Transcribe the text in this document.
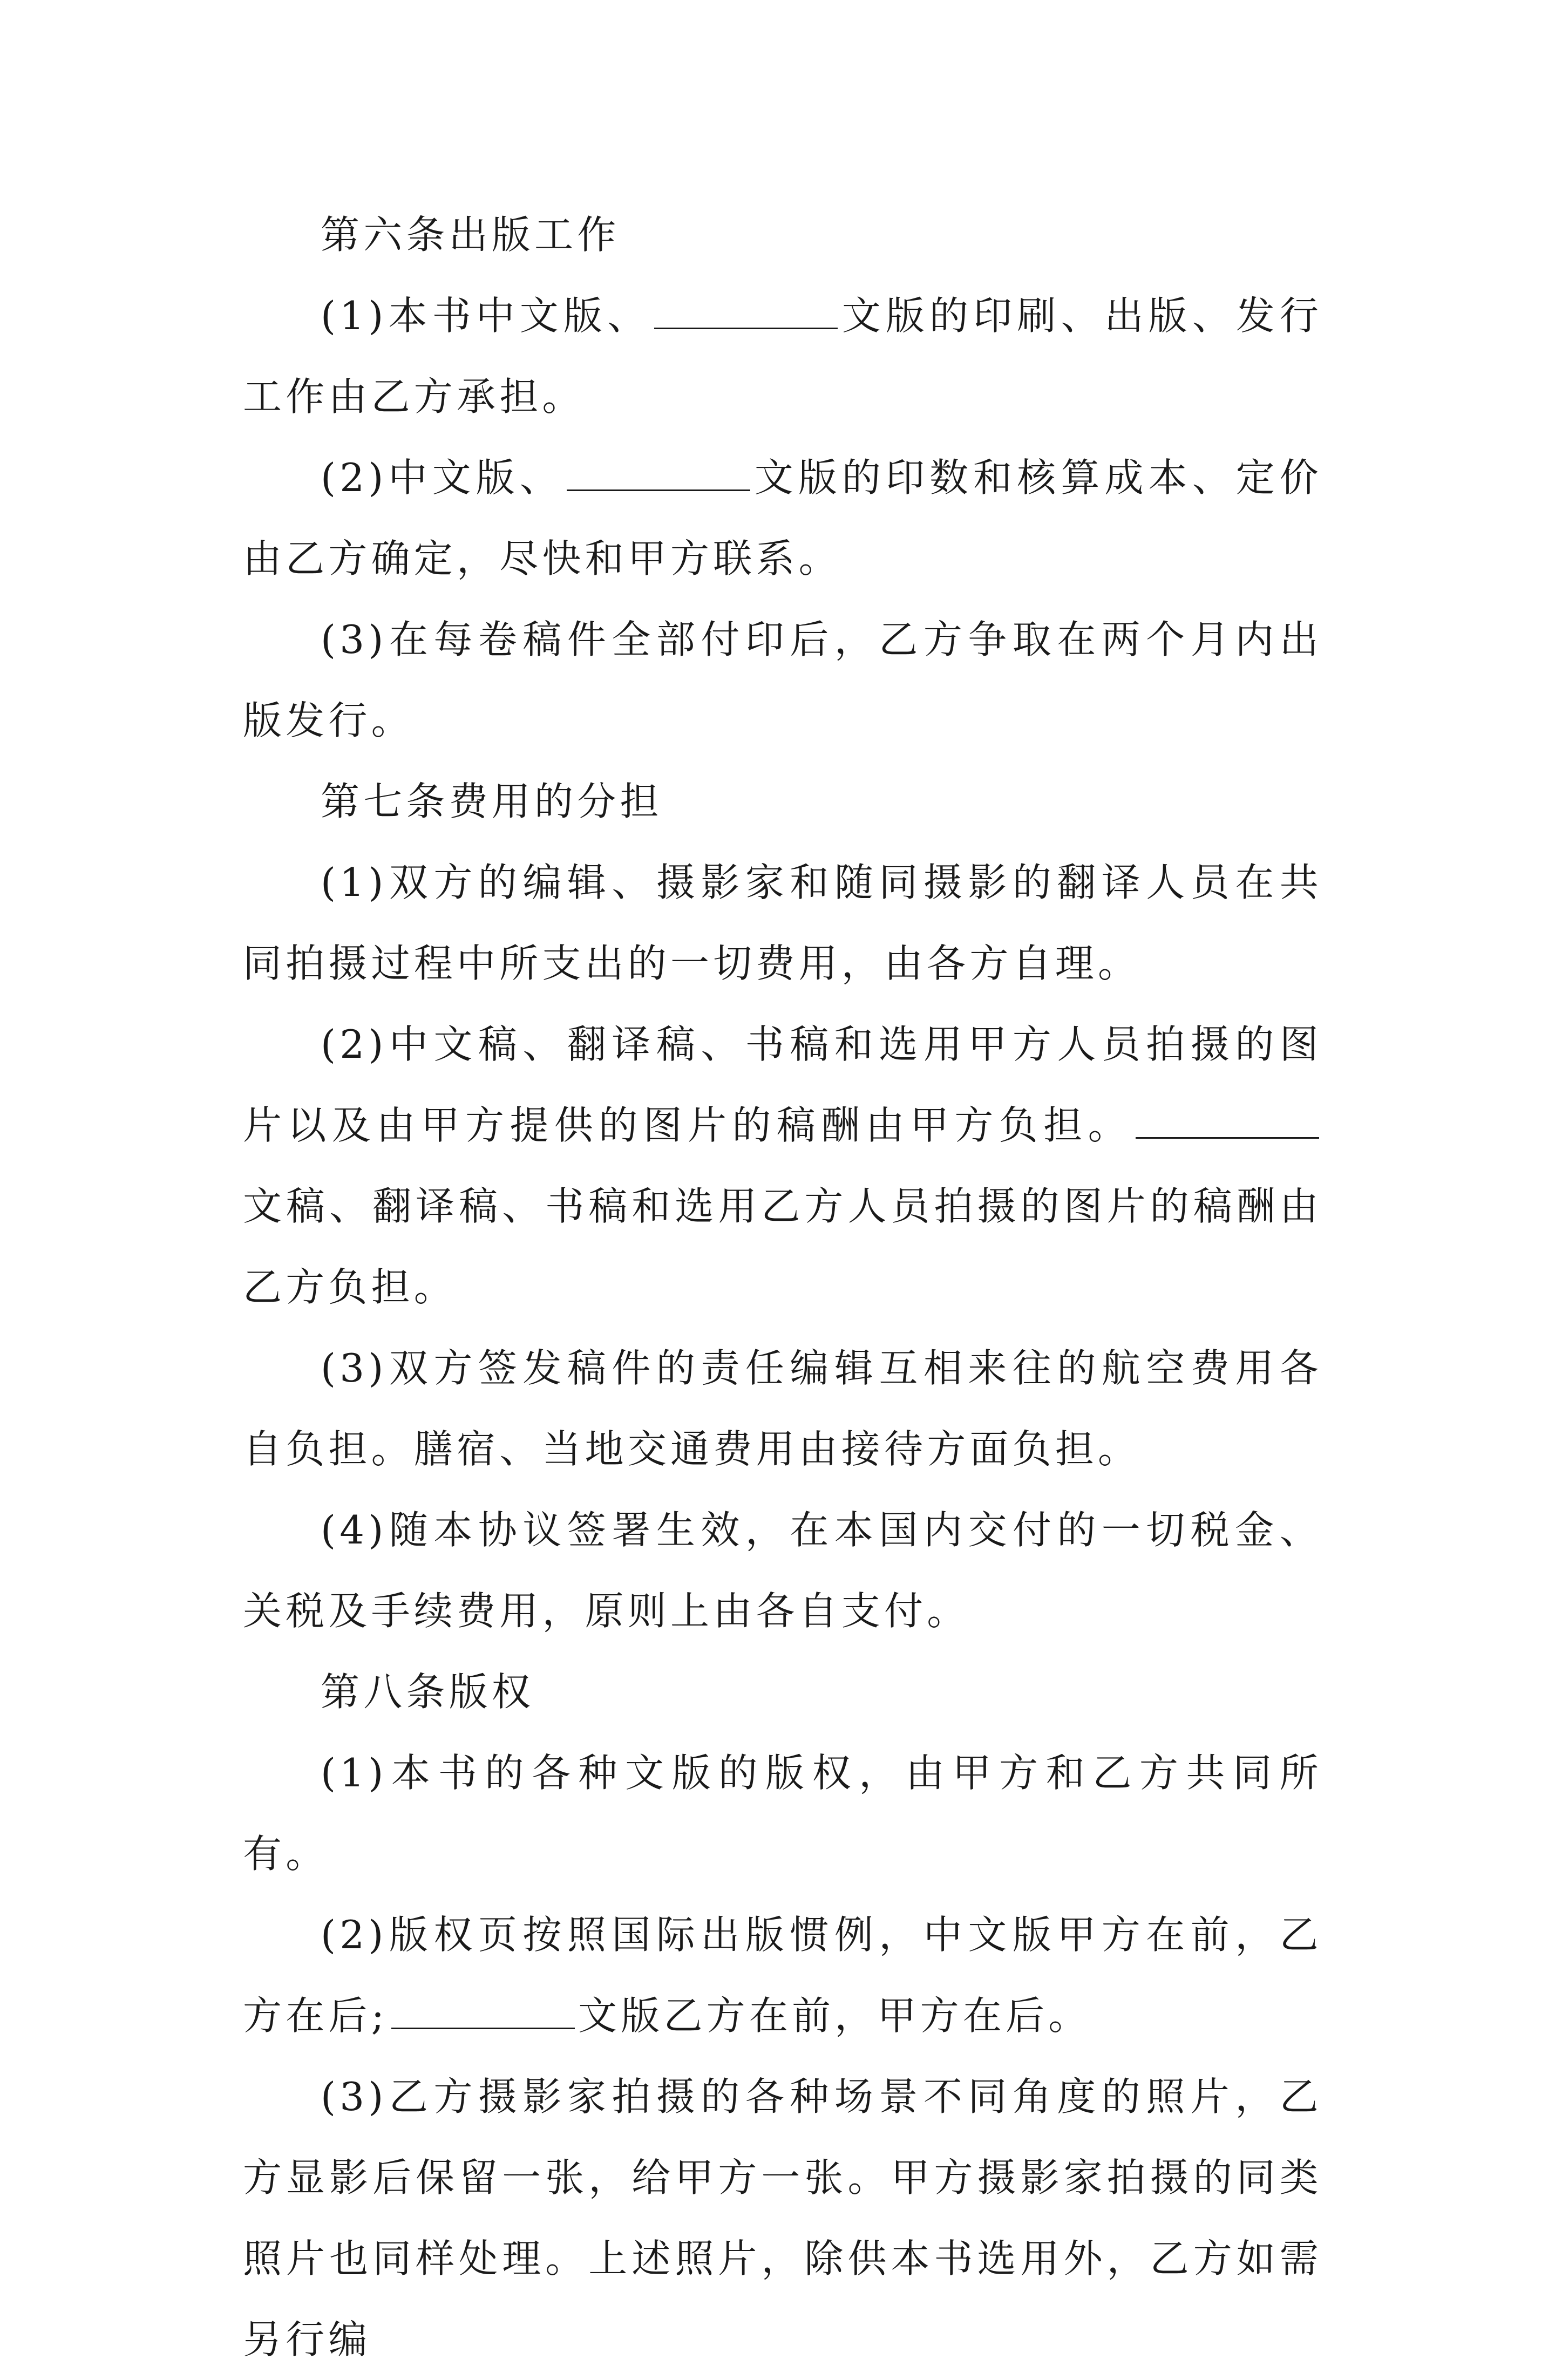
第六条出版工作

(1)本书中文版、	文版的印刷、出版、发行工作由乙方承担。

(2)中文版、	文版的印数和核算成本、定价由乙方确定，尽快和甲方联系。

(3)在每卷稿件全部付印后，乙方争取在两个月内出版发行。

第七条费用的分担

(1)双方的编辑、摄影家和随同摄影的翻译人员在共同拍摄过程中所支出的一切费用，由各方自理。

(2)中文稿、翻译稿、书稿和选用甲方人员拍摄的图片以及由甲方提供的图片的稿酬由甲方负担。文稿、翻译稿、书稿和选用乙方人员拍摄的图片的稿酬由乙方负担。

(3)双方签发稿件的责任编辑互相来往的航空费用各自负担。膳宿、当地交通费用由接待方面负担。

(4)随本协议签署生效，在本国内交付的一切税金、关税及手续费用，原则上由各自支付。

第八条版权

(1)本书的各种文版的版权，由甲方和乙方共同所有。

(2)版权页按照国际出版惯例，中文版甲方在前，乙方在后;	文版乙方在前，甲方在后。

(3)乙方摄影家拍摄的各种场景不同角度的照片，乙方显影后保留一张，给甲方一张。甲方摄影家拍摄的同类照片也同样处理。上述照片，除供本书选用外，乙方如需另行编
